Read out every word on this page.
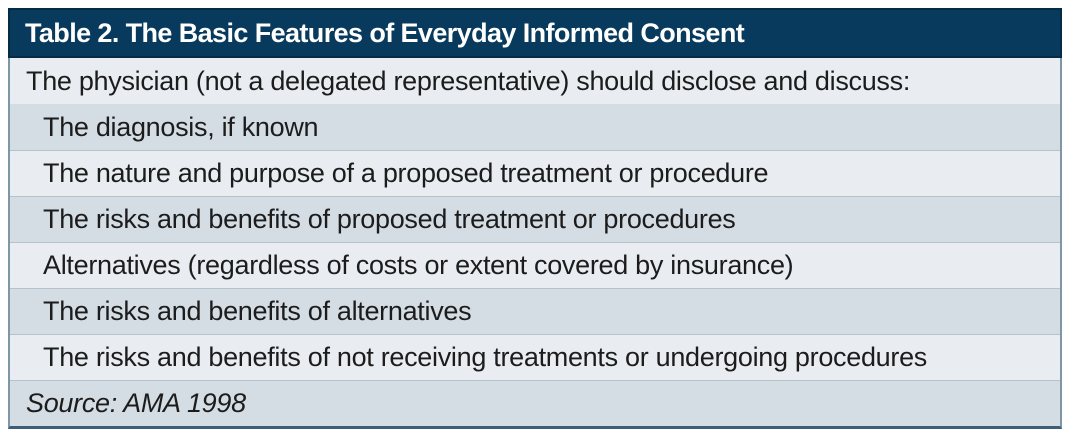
Table 2. The Basic Features of Everyday Informed Consent
The physician (not a delegated representative) should disclose and discuss:
The diagnosis, if known
The nature and purpose of a proposed treatment or procedure
The risks and benefits of proposed treatment or procedures
Alternatives (regardless of costs or extent covered by insurance)
The risks and benefits of alternatives
The risks and benefits of not receiving treatments or undergoing procedures
Source: AMA 1998
